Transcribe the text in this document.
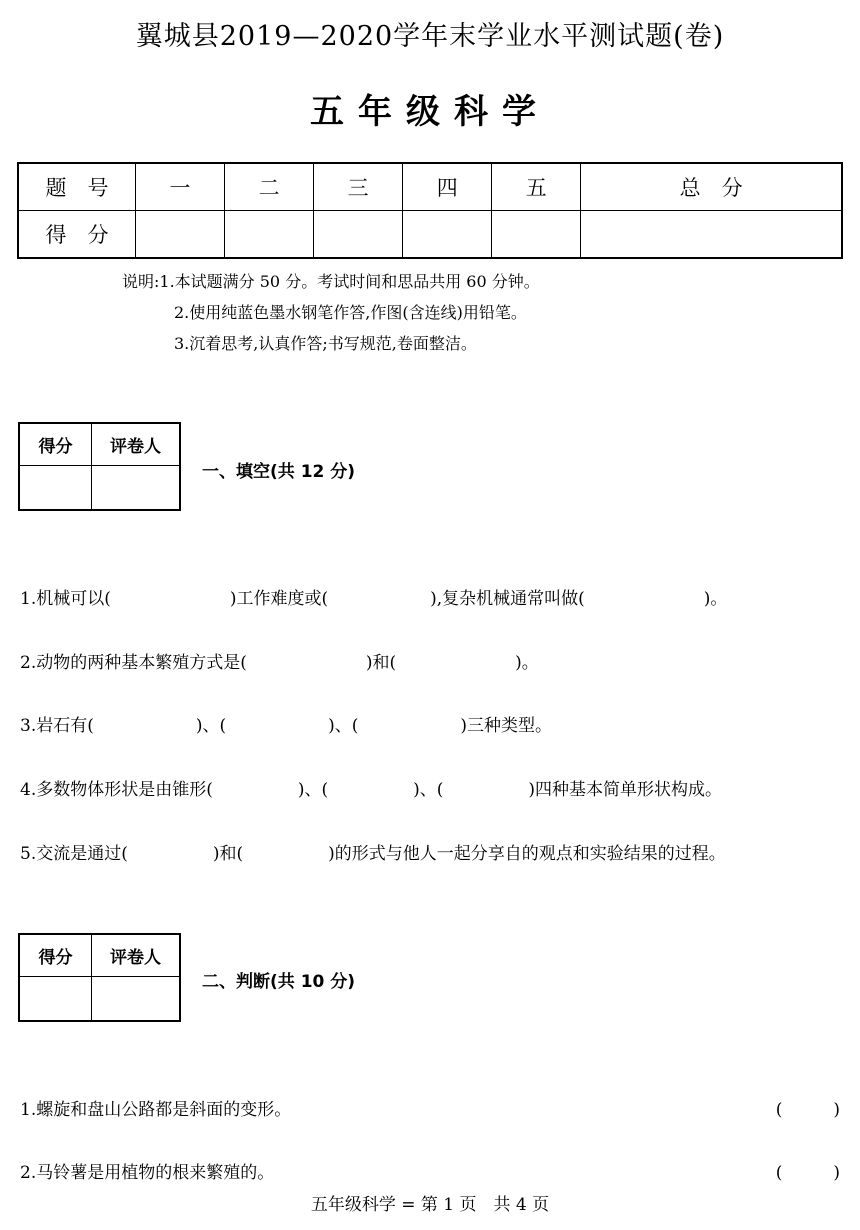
翼城县2019—2020学年末学业水平测试题(卷)
五年级科学
题　号	一	二	三	四	五	总　分
得　分						
说明:1.本试题满分 50 分。考试时间和思品共用 60 分钟。
2.使用纯蓝色墨水钢笔作答,作图(含连线)用铅笔。
3.沉着思考,认真作答;书写规范,卷面整洁。
得分	评卷人

一、填空(共 12 分)
1.机械可以(　　　　　　　)工作难度或(　　　　　　),复杂机械通常叫做(　　　　　　　)。
2.动物的两种基本繁殖方式是(　　　　　　　)和(　　　　　　　)。
3.岩石有(　　　　　　)、(　　　　　　)、(　　　　　　)三种类型。
4.多数物体形状是由锥形(　　　　　)、(　　　　　)、(　　　　　)四种基本简单形状构成。
5.交流是通过(　　　　　)和(　　　　　)的形式与他人一起分享自的观点和实验结果的过程。
得分	评卷人

二、判断(共 10 分)
1.螺旋和盘山公路都是斜面的变形。	(　　　)
2.马铃薯是用植物的根来繁殖的。	(　　　)
五年级科学 = 第 1 页　共 4 页
